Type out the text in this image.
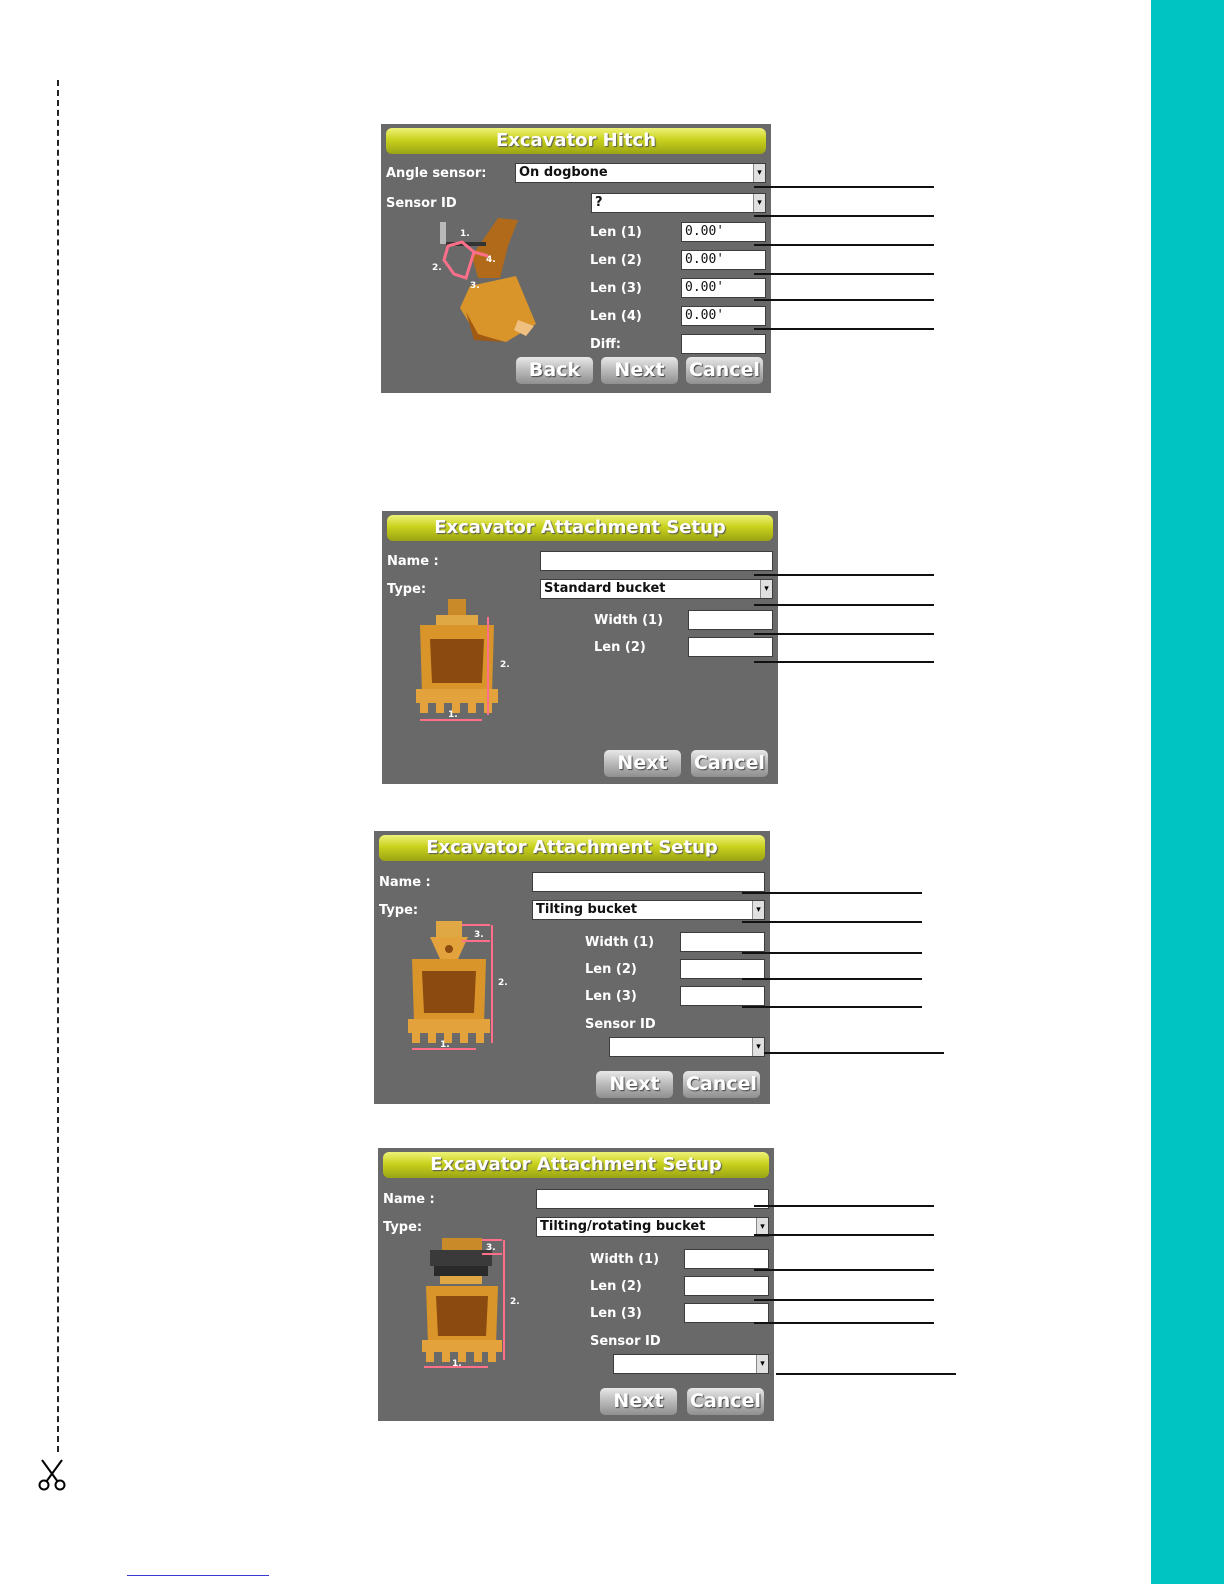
Excavator Hitch
Angle sensor:	On dogbone	▾
Sensor ID	?	▾
1.
2.
3.
4.
Len (1)	0.00'
Len (2)	0.00'
Len (3)	0.00'
Len (4)	0.00'
Diff:
Back	Next	Cancel
Excavator Attachment Setup
Name :
Type:	Standard bucket	▾
1.
2.
Width (1)
Len (2)
Next	Cancel
Excavator Attachment Setup
Name :
Type:	Tilting bucket	▾
1.
2.
3.	Width (1)
Len (2)
Len (3)
Sensor ID
▾
Next	Cancel
Excavator Attachment Setup
Name :
Type:	Tilting/rotating bucket	▾
1.
2.
3.
Width (1)
Len (2)
Len (3)
Sensor ID
▾
Next	Cancel
